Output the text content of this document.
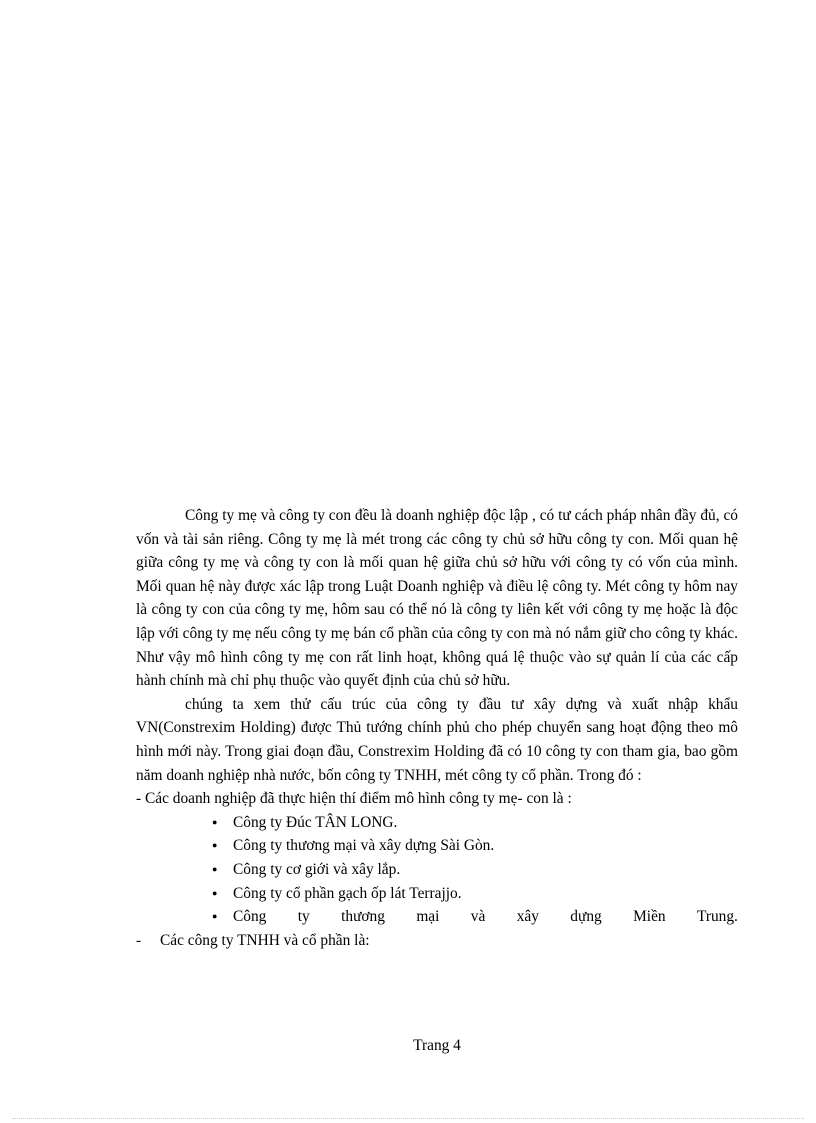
Công ty mẹ và công ty con đều là doanh nghiệp độc lập , có tư cách pháp nhân đầy đủ, có vốn và tài sản riêng. Công ty mẹ là mét trong các công ty chủ sở hữu công ty con. Mối quan hệ giữa công ty mẹ và công ty con là mối quan hệ giữa chủ sở hữu với công ty có vốn của mình. Mối quan hệ này được xác lập trong Luật Doanh nghiệp và điều lệ công ty. Mét công ty hôm nay là công ty con của công ty mẹ, hôm sau có thể nó là công ty liên kết với công ty mẹ hoặc là độc lập với công ty mẹ nếu công ty mẹ bán cổ phần của công ty con mà nó nắm giữ cho công ty khác. Như vậy mô hình công ty mẹ con rất linh hoạt, không quá lệ thuộc vào sự quản lí của các cấp hành chính mà chỉ phụ thuộc vào quyết định của chủ sở hữu.

chúng ta xem thử cấu trúc của công ty đầu tư xây dựng và xuất nhập khẩu VN(Constrexim Holding) được Thủ tướng chính phủ cho phép chuyển sang hoạt động theo mô hình mới này. Trong giai đoạn đầu, Constrexim Holding đã có 10 công ty con tham gia, bao gồm năm doanh nghiệp nhà nước, bốn công ty TNHH, mét công ty cổ phần. Trong đó :

- Các doanh nghiệp đã thực hiện thí điểm mô hình công ty mẹ- con là :

● Công ty Đúc TÂN LONG.
● Công ty thương mại và xây dựng Sài Gòn.
● Công ty cơ giới và xây lắp.
● Công ty cổ phần gạch ốp lát Terrajjo.
● Công ty thương mại và xây dựng Miền Trung.

- Các công ty TNHH và cổ phần là:

Trang 4
